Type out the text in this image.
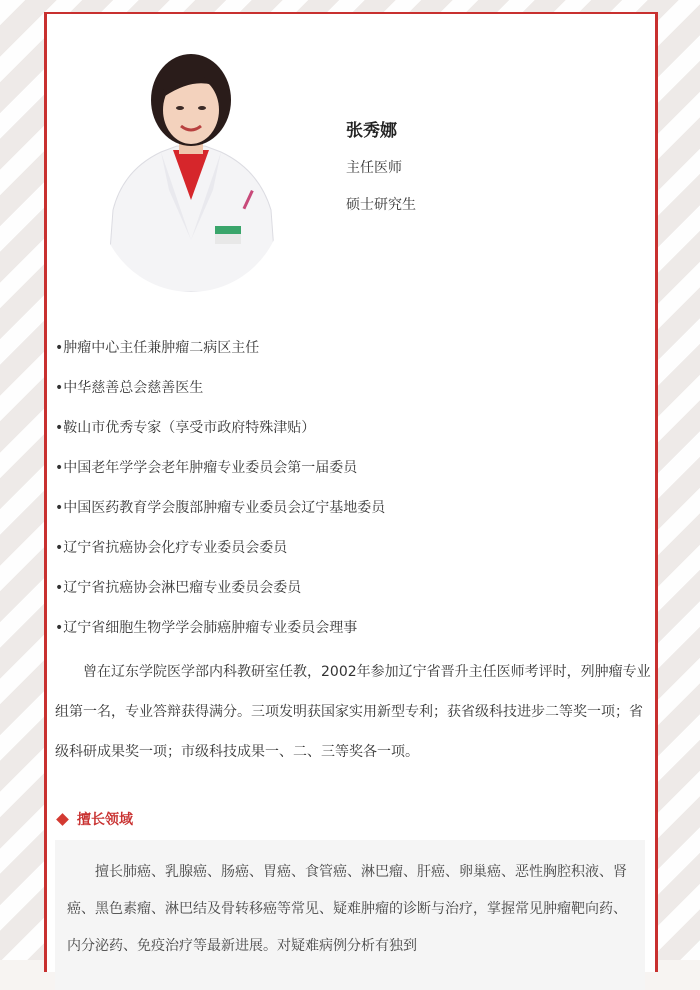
张秀娜
主任医师
硕士研究生
•肿瘤中心主任兼肿瘤二病区主任
•中华慈善总会慈善医生
•鞍山市优秀专家（享受市政府特殊津贴）
•中国老年学学会老年肿瘤专业委员会第一届委员
•中国医药教育学会腹部肿瘤专业委员会辽宁基地委员
•辽宁省抗癌协会化疗专业委员会委员
•辽宁省抗癌协会淋巴瘤专业委员会委员
•辽宁省细胞生物学学会肺癌肿瘤专业委员会理事

曾在辽东学院医学部内科教研室任教，2002年参加辽宁省晋升主任医师考评时，列肿瘤专业组第一名，专业答辩获得满分。三项发明获国家实用新型专利；获省级科技进步二等奖一项；省级科研成果奖一项；市级科技成果一、二、三等奖各一项。

擅长领域

擅长肺癌、乳腺癌、肠癌、胃癌、食管癌、淋巴瘤、肝癌、卵巢癌、恶性胸腔积液、肾癌、黑色素瘤、淋巴结及骨转移癌等常见、疑难肿瘤的诊断与治疗，掌握常见肿瘤靶向药、内分泌药、免疫治疗等最新进展。对疑难病例分析有独到
